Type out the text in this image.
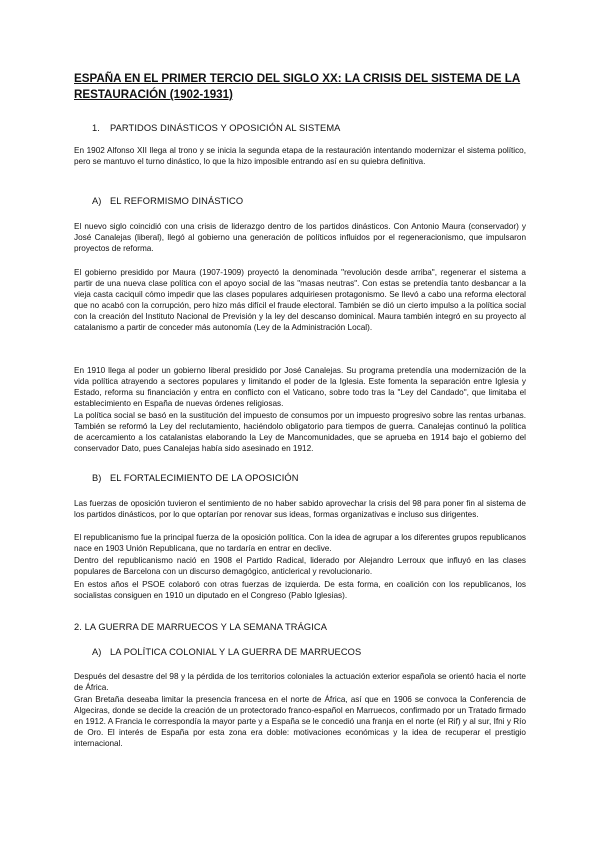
ESPAÑA EN EL PRIMER TERCIO DEL SIGLO XX: LA CRISIS DEL SISTEMA DE LA RESTAURACIÓN (1902-1931)

1. PARTIDOS DINÁSTICOS Y OPOSICIÓN AL SISTEMA

En 1902 Alfonso XII llega al trono y se inicia la segunda etapa de la restauración intentando modernizar el sistema político, pero se mantuvo el turno dinástico, lo que la hizo imposible entrando así en su quiebra definitiva.

A) EL REFORMISMO DINÁSTICO

El nuevo siglo coincidió con una crisis de liderazgo dentro de los partidos dinásticos. Con Antonio Maura (conservador) y José Canalejas (liberal), llegó al gobierno una generación de políticos influidos por el regeneracionismo, que impulsaron proyectos de reforma.

El gobierno presidido por Maura (1907-1909) proyectó la denominada "revolución desde arriba", regenerar el sistema a partir de una nueva clase política con el apoyo social de las "masas neutras". Con estas se pretendía tanto desbancar a la vieja casta caciquil cómo impedir que las clases populares adquiriesen protagonismo. Se llevó a cabo una reforma electoral que no acabó con la corrupción, pero hizo más difícil el fraude electoral. También se dió un cierto impulso a la política social con la creación del Instituto Nacional de Previsión y la ley del descanso dominical. Maura también integró en su proyecto al catalanismo a partir de conceder más autonomía (Ley de la Administración Local).

En 1910 llega al poder un gobierno liberal presidido por José Canalejas. Su programa pretendía una modernización de la vida política atrayendo a sectores populares y limitando el poder de la Iglesia. Este fomenta la separación entre Iglesia y Estado, reforma su financiación y entra en conflicto con el Vaticano, sobre todo tras la "Ley del Candado", que limitaba el establecimiento en España de nuevas órdenes religiosas.

La política social se basó en la sustitución del impuesto de consumos por un impuesto progresivo sobre las rentas urbanas. También se reformó la Ley del reclutamiento, haciéndolo obligatorio para tiempos de guerra. Canalejas continuó la política de acercamiento a los catalanistas elaborando la Ley de Mancomunidades, que se aprueba en 1914 bajo el gobierno del conservador Dato, pues Canalejas había sido asesinado en 1912.

B) EL FORTALECIMIENTO DE LA OPOSICIÓN

Las fuerzas de oposición tuvieron el sentimiento de no haber sabido aprovechar la crisis del 98 para poner fin al sistema de los partidos dinásticos, por lo que optarían por renovar sus ideas, formas organizativas e incluso sus dirigentes.

El republicanismo fue la principal fuerza de la oposición política. Con la idea de agrupar a los diferentes grupos republicanos nace en 1903 Unión Republicana, que no tardaría en entrar en declive.

Dentro del republicanismo nació en 1908 el Partido Radical, liderado por Alejandro Lerroux que influyó en las clases populares de Barcelona con un discurso demagógico, anticlerical y revolucionario.

En estos años el PSOE colaboró con otras fuerzas de izquierda. De esta forma, en coalición con los republicanos, los socialistas consiguen en 1910 un diputado en el Congreso (Pablo Iglesias).

2. LA GUERRA DE MARRUECOS Y LA SEMANA TRÁGICA

A) LA POLÍTICA COLONIAL Y LA GUERRA DE MARRUECOS

Después del desastre del 98 y la pérdida de los territorios coloniales la actuación exterior española se orientó hacia el norte de África.

Gran Bretaña deseaba limitar la presencia francesa en el norte de África, así que en 1906 se convoca la Conferencia de Algeciras, donde se decide la creación de un protectorado franco-español en Marruecos, confirmado por un Tratado firmado en 1912. A Francia le correspondía la mayor parte y a España se le concedió una franja en el norte (el Rif) y al sur, Ifni y Río de Oro. El interés de España por esta zona era doble: motivaciones económicas y la idea de recuperar el prestigio internacional.
